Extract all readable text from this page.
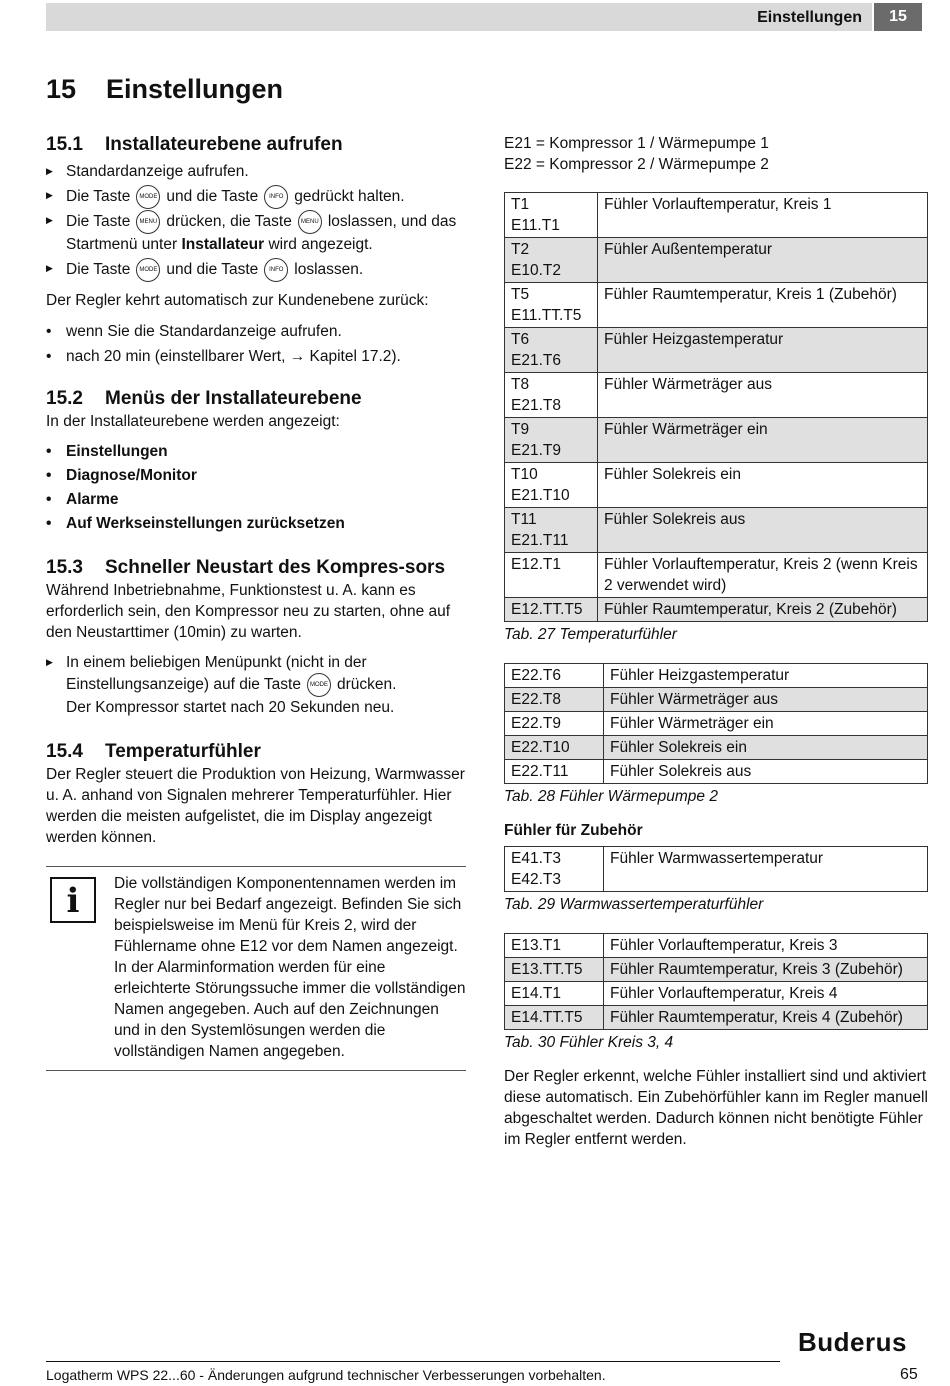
Einstellungen	15
15 Einstellungen
15.1	Installateurebene aufrufen
▶ Standardanzeige aufrufen.
▶ Die Taste MODE und die Taste INFO gedrückt halten.
▶ Die Taste MENU drücken, die Taste MENU loslassen, und das Startmenü unter Installateur wird angezeigt.
▶ Die Taste MODE und die Taste INFO loslassen.

Der Regler kehrt automatisch zur Kundenebene zurück:

• wenn Sie die Standardanzeige aufrufen.
• nach 20 min (einstellbarer Wert, → Kapitel 17.2).
15.2	Menüs der Installateurebene

In der Installateurebene werden angezeigt:

• Einstellungen
• Diagnose/Monitor
• Alarme
• Auf Werkseinstellungen zurücksetzen
15.3	Schneller Neustart des Kompres-sors

Während Inbetriebnahme, Funktionstest u. A. kann es erforderlich sein, den Kompressor neu zu starten, ohne auf den Neustarttimer (10min) zu warten.

▶ In einem beliebigen Menüpunkt (nicht in der Einstellungsanzeige) auf die Taste MODE drücken.
Der Kompressor startet nach 20 Sekunden neu.
15.4	Temperaturfühler

Der Regler steuert die Produktion von Heizung, Warmwasser u. A. anhand von Signalen mehrerer Temperaturfühler. Hier werden die meisten aufgelistet, die im Display angezeigt werden können.

i	Die vollständigen Komponentennamen werden im Regler nur bei Bedarf angezeigt. Befinden Sie sich beispielsweise im Menü für Kreis 2, wird der Fühlername ohne E12 vor dem Namen angezeigt.

In der Alarminformation werden für eine erleichterte Störungssuche immer die vollständigen Namen angegeben. Auch auf den Zeichnungen und in den Systemlösungen werden die vollständigen Namen angegeben.

E21 = Kompressor 1 / Wärmepumpe 1

E22 = Kompressor 2 / Wärmepumpe 2

T1
E11.T1	Fühler Vorlauftemperatur, Kreis 1
T2
E10.T2	Fühler Außentemperatur
T5
E11.TT.T5	Fühler Raumtemperatur, Kreis 1 (Zubehör)
T6
E21.T6	Fühler Heizgastemperatur
T8
E21.T8	Fühler Wärmeträger aus
T9
E21.T9	Fühler Wärmeträger ein
T10
E21.T10	Fühler Solekreis ein
T11
E21.T11	Fühler Solekreis aus
E12.T1	Fühler Vorlauftemperatur, Kreis 2 (wenn Kreis 2 verwendet wird)
E12.TT.T5	Fühler Raumtemperatur, Kreis 2 (Zubehör)
Tab. 27 Temperaturfühler
E22.T6	Fühler Heizgastemperatur
E22.T8	Fühler Wärmeträger aus
E22.T9	Fühler Wärmeträger ein
E22.T10	Fühler Solekreis ein
E22.T11	Fühler Solekreis aus
Tab. 28 Fühler Wärmepumpe 2
Fühler für Zubehör
E41.T3
E42.T3	Fühler Warmwassertemperatur
Tab. 29 Warmwassertemperaturfühler
E13.T1	Fühler Vorlauftemperatur, Kreis 3
E13.TT.T5	Fühler Raumtemperatur, Kreis 3 (Zubehör)
E14.T1	Fühler Vorlauftemperatur, Kreis 4
E14.TT.T5	Fühler Raumtemperatur, Kreis 4 (Zubehör)
Tab. 30 Fühler Kreis 3, 4

Der Regler erkennt, welche Fühler installiert sind und aktiviert diese automatisch. Ein Zubehörfühler kann im Regler manuell abgeschaltet werden. Dadurch können nicht benötigte Fühler im Regler entfernt werden.

Logatherm WPS 22...60 - Änderungen aufgrund technischer Verbesserungen vorbehalten.
Buderus
65
